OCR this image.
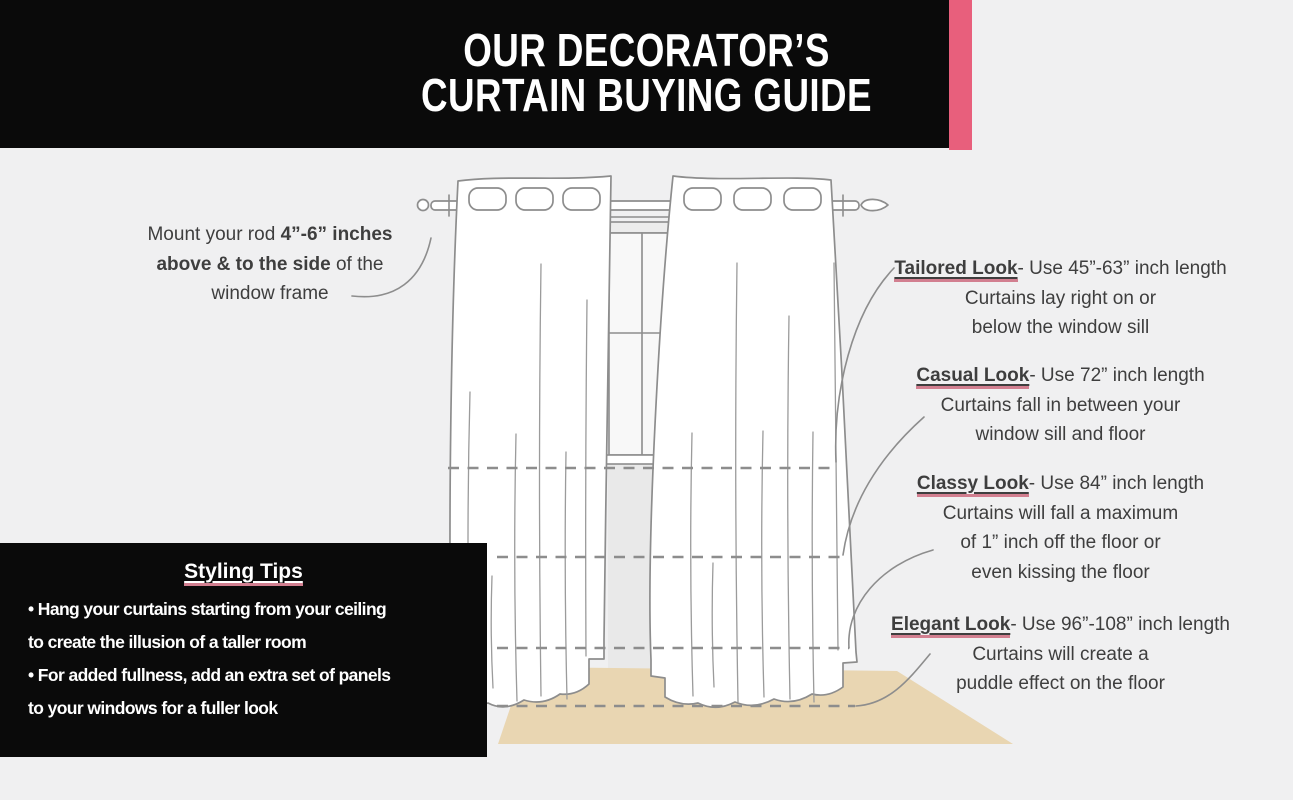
OUR DECORATOR’S
CURTAIN BUYING GUIDE
Mount your rod 4”-6” inches
above & to the side of the
window frame
Tailored Look- Use 45”-63” inch length
Curtains lay right on or
below the window sill
Casual Look- Use 72” inch length
Curtains fall in between your
window sill and floor
Classy Look- Use 84” inch length
Curtains will fall a maximum
of 1” inch off the floor or
even kissing the floor
Elegant Look- Use 96”-108” inch length
Curtains will create a
puddle effect on the floor
Styling Tips
• Hang your curtains starting from your ceiling
to create the illusion of a taller room
• For added fullness, add an extra set of panels
to your windows for a fuller look
